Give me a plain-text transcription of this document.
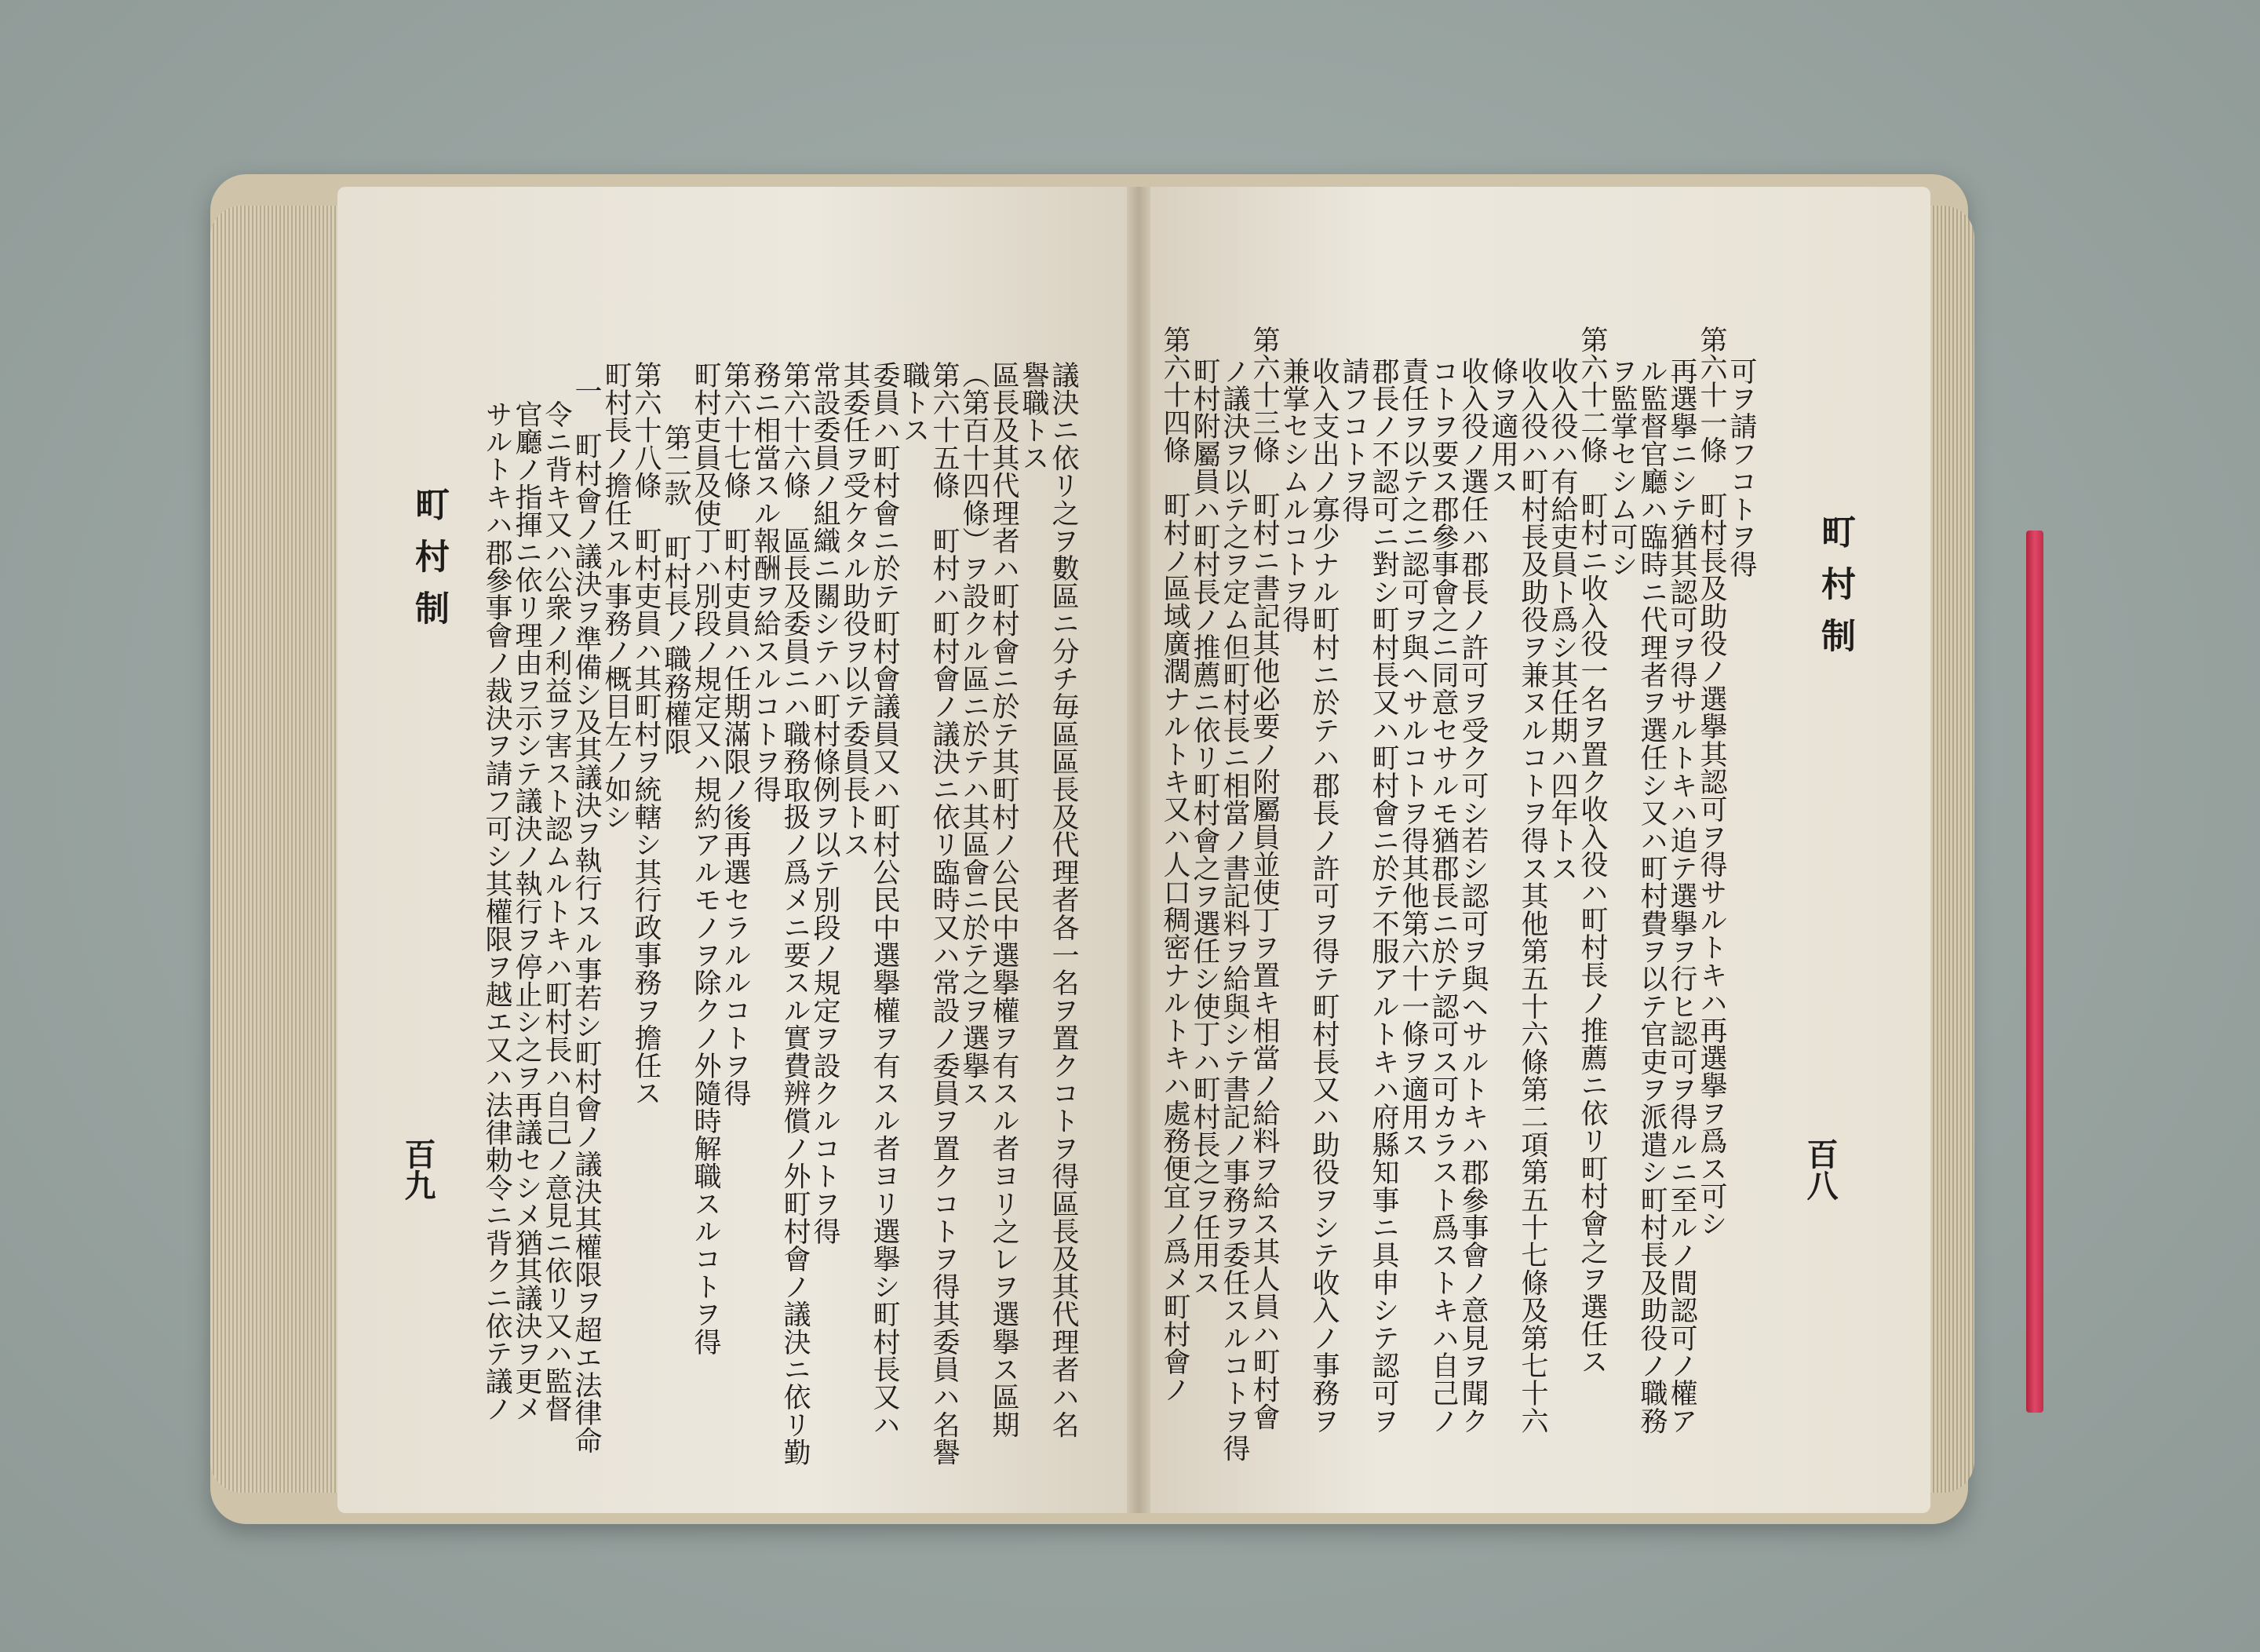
町村制
百八
可ヲ請フコトヲ得
第六十一條　町村長及助役ノ選擧其認可ヲ得サルトキハ再選擧ヲ爲ス可シ
再選擧ニシテ猶其認可ヲ得サルトキハ追テ選擧ヲ行ヒ認可ヲ得ルニ至ルノ間認可ノ權ア
ル監督官廳ハ臨時ニ代理者ヲ選任シ又ハ町村費ヲ以テ官吏ヲ派遣シ町村長及助役ノ職務
ヲ監掌セシム可シ
第六十二條　町村ニ收入役一名ヲ置ク收入役ハ町村長ノ推薦ニ依リ町村會之ヲ選任ス
收入役ハ有給吏員ト爲シ其任期ハ四年トス
收入役ハ町村長及助役ヲ兼ヌルコトヲ得ス其他第五十六條第二項第五十七條及第七十六
條ヲ適用ス
收入役ノ選任ハ郡長ノ許可ヲ受ク可シ若シ認可ヲ與ヘサルトキハ郡參事會ノ意見ヲ聞ク
コトヲ要ス郡參事會之ニ同意セサルモ猶郡長ニ於テ認可ス可カラスト爲ストキハ自己ノ
責任ヲ以テ之ニ認可ヲ與ヘサルコトヲ得其他第六十一條ヲ適用ス
郡長ノ不認可ニ對シ町村長又ハ町村會ニ於テ不服アルトキハ府縣知事ニ具申シテ認可ヲ
請フコトヲ得
收入支出ノ寡少ナル町村ニ於テハ郡長ノ許可ヲ得テ町村長又ハ助役ヲシテ收入ノ事務ヲ
兼掌セシムルコトヲ得
第六十三條　町村ニ書記其他必要ノ附屬員並使丁ヲ置キ相當ノ給料ヲ給ス其人員ハ町村會
ノ議決ヲ以テ之ヲ定ム但町村長ニ相當ノ書記料ヲ給與シテ書記ノ事務ヲ委任スルコトヲ得
町村附屬員ハ町村長ノ推薦ニ依リ町村會之ヲ選任シ使丁ハ町村長之ヲ任用ス
第六十四條　町村ノ區域廣濶ナルトキ又ハ人口稠密ナルトキハ處務便宜ノ爲メ町村會ノ
町村制
百九	議決ニ依リ之ヲ數區ニ分チ毎區區長及代理者各一名ヲ置クコトヲ得區長及其代理者ハ名
譽職トス
區長及其代理者ハ町村會ニ於テ其町村ノ公民中選擧權ヲ有スル者ヨリ之レヲ選擧ス區期
（第百十四條）ヲ設クル區ニ於テハ其區會ニ於テ之ヲ選擧ス
第六十五條　町村ハ町村會ノ議決ニ依リ臨時又ハ常設ノ委員ヲ置クコトヲ得其委員ハ名譽
職トス
委員ハ町村會ニ於テ町村會議員又ハ町村公民中選擧權ヲ有スル者ヨリ選擧シ町村長又ハ
其委任ヲ受ケタル助役ヲ以テ委員長トス
常設委員ノ組織ニ關シテハ町村條例ヲ以テ別段ノ規定ヲ設クルコトヲ得
第六十六條　區長及委員ニハ職務取扱ノ爲メニ要スル實費辨償ノ外町村會ノ議決ニ依リ勤
務ニ相當スル報酬ヲ給スルコトヲ得
第六十七條　町村吏員ハ任期滿限ノ後再選セラルルコトヲ得
町村吏員及使丁ハ別段ノ規定又ハ規約アルモノヲ除クノ外隨時解職スルコトヲ得
第二款　町村長ノ職務權限
第六十八條　町村吏員ハ其町村ヲ統轄シ其行政事務ヲ擔任ス
町村長ノ擔任スル事務ノ概目左ノ如シ
一　町村會ノ議決ヲ準備シ及其議決ヲ執行スル事若シ町村會ノ議決其權限ヲ超エ法律命
令ニ背キ又ハ公衆ノ利益ヲ害スト認ムルトキハ町村長ハ自己ノ意見ニ依リ又ハ監督
官廳ノ指揮ニ依リ理由ヲ示シテ議決ノ執行ヲ停止シ之ヲ再議セシメ猶其議決ヲ更メ
サルトキハ郡參事會ノ裁決ヲ請フ可シ其權限ヲ越エ又ハ法律勅令ニ背クニ依テ議ノ
